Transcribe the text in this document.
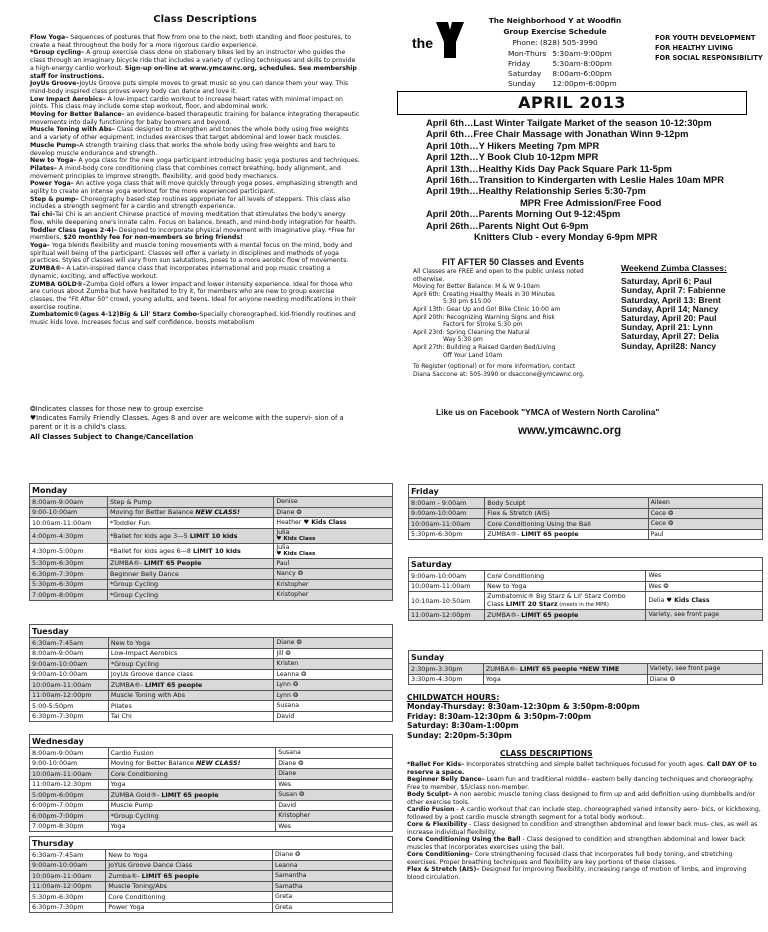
Class Descriptions
Flow Yoga– Sequences of postures that flow from one to the next, both standing and floor postures, to create a heat throughout the body for a more rigorous cardio experience.
*Group cycling– A group exercise class done on stationary bikes led by an instructor who guides the class through an imaginary bicycle ride that includes a variety of cycling techniques and skills to provide a high-energy cardio workout. Sign-up on-line at www.ymcawnc.org, schedules. See membership staff for instructions.
JoyUs Groove–JoyUs Groove puts simple moves to great music so you can dance them your way. This mind-body inspired class proves every body can dance and love it.
Low Impact Aerobics– A low-impact cardio workout to increase heart rates with minimal impact on joints. This class may include some step workout, floor, and abdominal work.
Moving for Better Balance– an evidence-based therapeutic training for balance integrating therapeutic movements into daily functioning for baby boomers and beyond.
Muscle Toning with Abs– Class designed to strengthen and tones the whole body using free weights and a variety of other equipment; includes exercises that target abdominal and lower back muscles.
Muscle Pump–A strength training class that works the whole body using free weights and bars to develop muscle endurance and strength.
New to Yoga– A yoga class for the new yoga participant introducing basic yoga postures and techniques.
Pilates– A mind-body core conditioning class that combines correct breathing, body alignment, and movement principles to improve strength, flexibility, and good body mechanics.
Power Yoga– An active yoga class that will move quickly through yoga poses, emphasizing strength and agility to create an intense yoga workout for the more experienced participant.
Step & pump– Choreography based step routines appropriate for all levels of steppers. This class also includes a strength segment for a cardio and strength experience.
Tai chi–Tai Chi is an ancient Chinese practice of moving meditation that stimulates the body's energy flow, while deepening one's innate calm. Focus on balance, breath, and mind-body integration for health.
Toddler Class (ages 2-4)– Designed to incorporate physical movement with imaginative play. *Free for members, $20 monthly fee for non-members so bring friends!
Yoga– Yoga blends flexibility and muscle toning movements with a mental focus on the mind, body and spiritual well being of the participant. Classes will offer a variety in disciplines and methods of yoga practices. Styles of classes will vary from sun salutations, poses to a more aerobic flow of movements.
ZUMBA®– A Latin-inspired dance class that incorporates international and pop music creating a dynamic, exciting, and effective workout.
ZUMBA GOLD®–Zumba Gold offers a lower impact and lower intensity experience. Ideal for those who are curious about Zumba but have hesitated to try it, for members who are new to group exercise classes, the "Fit After 50" crowd, young adults, and teens. Ideal for anyone needing modifications in their exercise routine.
Zumbatomic®(ages 4-12)Big & Lil' Starz Combo-Specially choreographed, kid-friendly routines and music kids love. Increases focus and self confidence, boosts metabolism
❂Indicates classes for those new to group exercise
♥Indicates Family Friendly Classes. Ages 8 and over are welcome with the supervi- sion of a parent or it is a child's class.
All Classes Subject to Change/Cancellation
the
The Neighborhood Y at Woodfin
Group Exercise Schedule
Phone: (828) 505-3990
Mon-Thurs	5:30am-9:00pm
Friday	5:30am-8:00pm
Saturday	8:00am-6:00pm
Sunday	12:00pm-6:00pm
FOR YOUTH DEVELOPMENT
FOR HEALTHY LIVING
FOR SOCIAL RESPONSIBILITY
APRIL 2013
April 6th…Last Winter Tailgate Market of the season 10-12:30pm
April 6th…Free Chair Massage with Jonathan Winn 9-12pm
April 10th…Y Hikers Meeting 7pm MPR
April 12th…Y Book Club 10-12pm MPR
April 13th…Healthy Kids Day Pack Square Park 11-5pm
April 16th…Transition to Kindergarten with Leslie Hales 10am MPR
April 19th…Healthy Relationship Series 5:30-7pm
MPR Free Admission/Free Food
April 20th…Parents Morning Out 9-12:45pm
April 26th…Parents Night Out 6-9pm
Knitters Club - every Monday 6-9pm MPR
FIT AFTER 50 Classes and Events
All Classes are FREE and open to the public unless noted otherwise.
Moving for Better Balance: M & W 9-10am
April 6th: Creating Healthy Meals in 30 Minutes
5:30 pm $15.00
April 13th: Gear Up and Go! Bike Clinic 10:00 am
April 20th: Recognizing Warning Signs and Risk
Factors for Stroke 5:30 pm
April 23rd: Spring Cleaning the Natural
Way 5:30 pm
April 27th: Building a Raised Garden Bed/Living
Off Your Land 10am
To Register (optional) or for more information, contact
Diana Saccone at: 505-3990 or dsaccone@ymcawnc.org.
Weekend Zumba Classes:
Saturday, April 6; Paul
Sunday, April 7: Fabienne
Saturday, April 13: Brent
Sunday, April 14; Nancy
Saturday, April 20: Paul
Sunday, April 21: Lynn
Saturday, April 27: Delia
Sunday, April28: Nancy
Like us on Facebook "YMCA of Western North Carolina"
www.ymcawnc.org
Monday		
8:00am-9:00am	Step & Pump	Denise
9:00-10:00am	Moving for Better Balance NEW CLASS!	Diane ❂
10:00am-11:00am	*Toddler Fun	Heather ♥ Kids Class
4:00pm-4:30pm	*Ballet for kids age 3—5 LIMIT 10 kids	Julia
♥ Kids Class

4:30pm-5:00pm	*Ballet for kids ages 6—8 LIMIT 10 kids	Julia
♥ Kids Class

5:30pm-6:30pm	ZUMBA®- LIMIT 65 People	Paul
6:30pm-7:30pm	Beginner Belly Dance	Nancy ❂
5:30pm-6:30pm	*Group Cycling	Kristopher
7:00pm-8:00pm	*Group Cycling	Kristopher
Tuesday		
6:30am-7:45am	New to Yoga	Diane ❂
8:00am-9:00am	Low-Impact Aerobics	Jill ❂
9:00am-10:00am	*Group Cycling	Kristen
9:00am-10:00am	JoyUs Groove dance class	Leanna ❂
10:00am-11:00am	ZUMBA®- LIMIT 65 people	Lynn ❂
11:00am-12:00pm	Muscle Toning with Abs	Lynn ❂
5:00-5:50pm	Pilates	Susana
6:30pm-7:30pm	Tai Chi	David
Wednesday		
8:00am-9:00am	Cardio Fusion	Susana
9:00-10:00am	Moving for Better Balance NEW CLASS!	Diane ❂
10:00am-11:00am	Core Conditioning	Diane
11:00am-12:30pm	Yoga	Wes
5:00pm-6:00pm	ZUMBA Gold®- LIMIT 65 people	Susan ❂
6:00pm-7:00pm	Muscle Pump	David
6:00pm-7:00pm	*Group Cycling	Kristopher
7:00pm-8:30pm	Yoga	Wes
Thursday		
6:30am-7:45am	New to Yoga	Diane ❂
9:00am-10:00am	JoYUs Groove Dance Class	Leanna
10:00am-11:00am	Zumba®- LIMIT 65 people	Samantha
11:00am-12:00pm	Muscle Toning/Abs	Samatha
5:30pm-6:30pm	Core Conditioning	Greta
6:30pm-7:30pm	Power Yoga	Greta
Friday		
8:00am - 9:00am	Body Sculpt	Aileen
9:00am-10:00am	Flex & Stretch (AIS)	Cece ❂
10:00am-11:00am	Core Conditioning Using the Ball	Cece ❂
5:30pm-6:30pm	ZUMBA®- LIMIT 65 people	Paul
Saturday		
9:00am-10:00am	Core Conditioning	Wes
10:00am-11:00am	New to Yoga	Wes ❂
10:10am-10:50am	Zumbatomic® Big Starz & Lil' Starz Combo Class LIMIT 20 Starz (meets in the MPR)	Delia ♥ Kids Class
11:00am-12:00pm	ZUMBA®- LIMIT 65 people	Variety, see front page
Sunday		
2:30pm-3:30pm	ZUMBA®- LIMIT 65 people *NEW TIME	Variety, see front page
3:30pm-4:30pm	Yoga	Diane ❂
CHILDWATCH HOURS:
Monday-Thursday: 8:30am-12:30pm & 3:50pm-8:00pm
Friday: 8:30am-12:30pm & 3:50pm-7:00pm
Saturday: 8:30am-1:00pm
Sunday: 2:20pm-5:30pm
CLASS DESCRIPTIONS
*Ballet For Kids– Incorporates stretching and simple ballet techniques focused for youth ages. Call DAY OF to reserve a space.
Beginner Belly Dance– Learn fun and traditional middle– eastern belly dancing techniques and choreography. Free to member, $5/class non-member.
Body Sculpt– A non aerobic muscle toning class designed to firm up and add definition using dumbbells and/or other exercise tools.
Cardio Fusion - A cardio workout that can include step, choreographed varied intensity aero- bics, or kickboxing, followed by a post cardio muscle strength segment for a total body workout.
Core & Flexibility - Class designed to condition and strengthen abdominal and lower back mus- cles, as well as increase individual flexibility.
Core Conditioning Using the Ball - Class designed to condition and strengthen abdominal and lower back muscles that incorporates exercises using the ball.
Core Conditioning– Core strengthening focused class that incorporates full body toning, and stretching exercises. Proper breathing techniques and flexibility are key portions of these classes.
Flex & Stretch (AIS)– Designed for improving flexibility, increasing range of motion of limbs, and improving blood circulation.
